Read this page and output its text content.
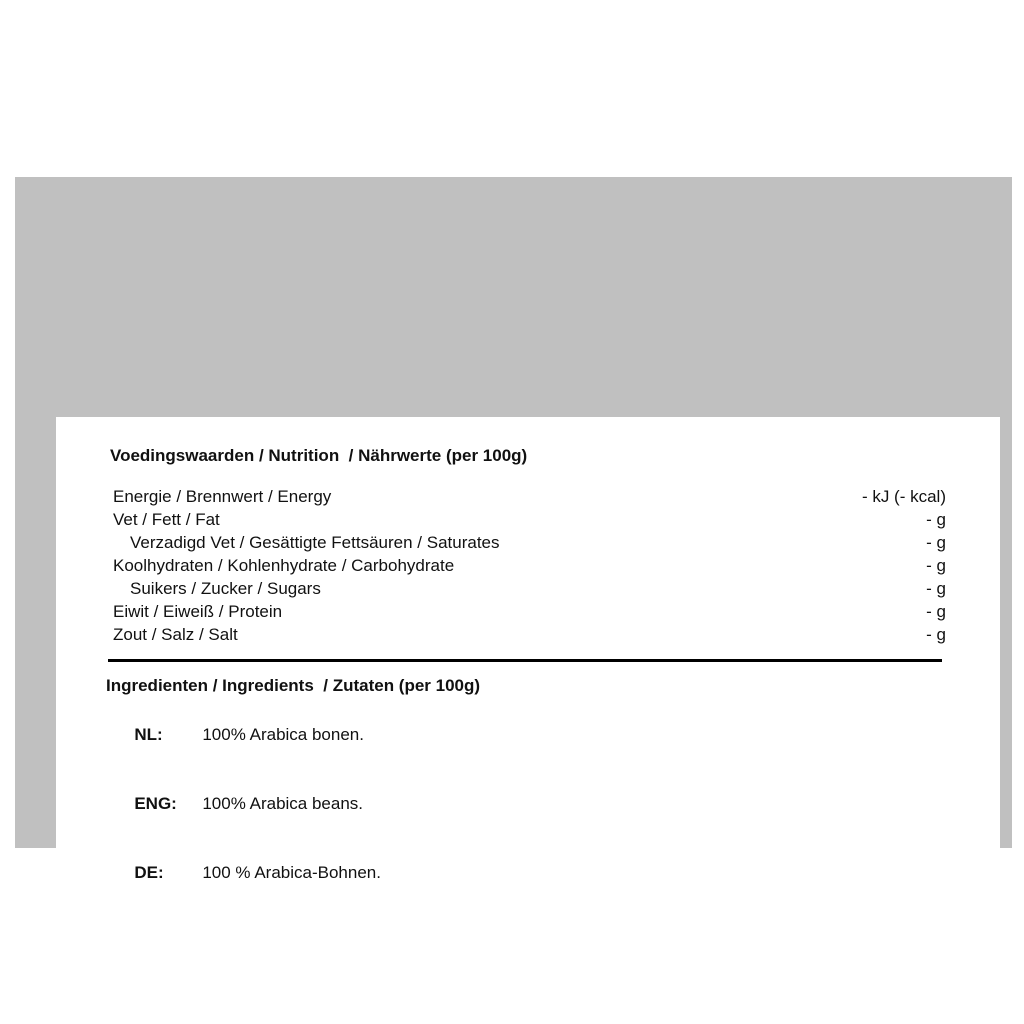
Voedingswaarden / Nutrition  / Nährwerte (per 100g)
Energie / Brennwert / Energy	- kJ (- kcal)
Vet / Fett / Fat	- g
Verzadigd Vet / Gesättigte Fettsäuren / Saturates	- g
Koolhydraten / Kohlenhydrate / Carbohydrate	- g
Suikers / Zucker / Sugars	- g
Eiwit / Eiweiß / Protein	- g
Zout / Salz / Salt	- g
Ingredienten / Ingredients  / Zutaten (per 100g)

NL: 100% Arabica bonen.

ENG: 100% Arabica beans.

DE: 100 % Arabica-Bohnen.
